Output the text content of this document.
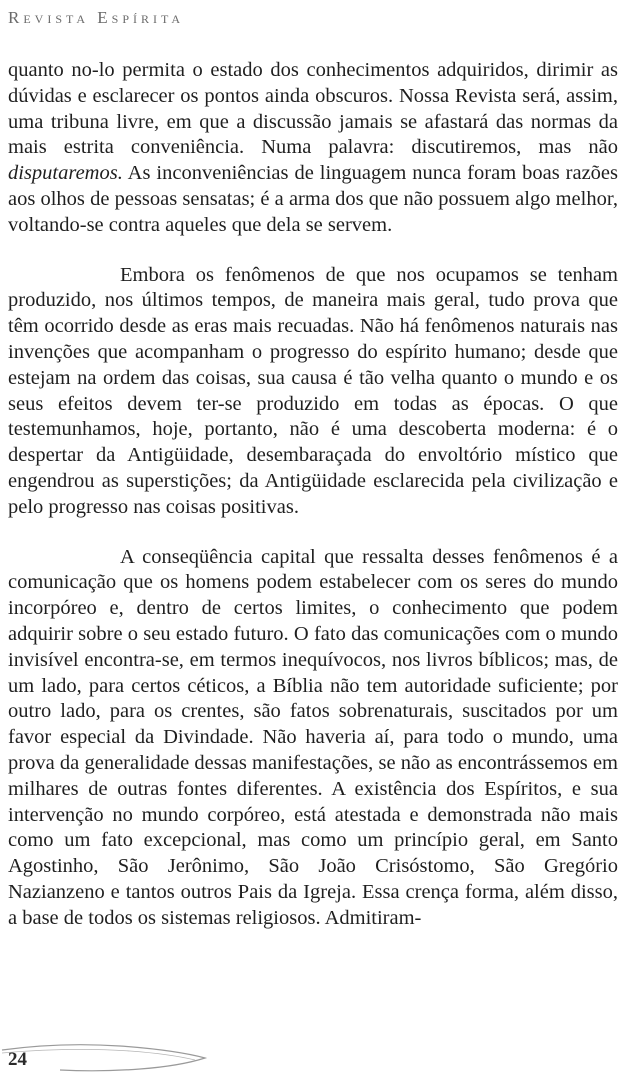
Revista Espírita

quanto no-lo permita o estado dos conhecimentos adquiridos, dirimir as dúvidas e esclarecer os pontos ainda obscuros. Nossa Revista será, assim, uma tribuna livre, em que a discussão jamais se afastará das normas da mais estrita conveniência. Numa palavra: discutiremos, mas não disputaremos. As inconveniências de linguagem nunca foram boas razões aos olhos de pessoas sensatas; é a arma dos que não possuem algo melhor, voltando-se contra aqueles que dela se servem.

Embora os fenômenos de que nos ocupamos se tenham produzido, nos últimos tempos, de maneira mais geral, tudo prova que têm ocorrido desde as eras mais recuadas. Não há fenômenos naturais nas invenções que acompanham o progresso do espírito humano; desde que estejam na ordem das coisas, sua causa é tão velha quanto o mundo e os seus efeitos devem ter-se produzido em todas as épocas. O que testemunhamos, hoje, portanto, não é uma descoberta moderna: é o despertar da Antigüidade, desembaraçada do envoltório místico que engendrou as superstições; da Antigüidade esclarecida pela civilização e pelo progresso nas coisas positivas.

A conseqüência capital que ressalta desses fenômenos é a comunicação que os homens podem estabelecer com os seres do mundo incorpóreo e, dentro de certos limites, o conhecimento que podem adquirir sobre o seu estado futuro. O fato das comunicações com o mundo invisível encontra-se, em termos inequívocos, nos livros bíblicos; mas, de um lado, para certos céticos, a Bíblia não tem autoridade suficiente; por outro lado, para os crentes, são fatos sobrenaturais, suscitados por um favor especial da Divindade. Não haveria aí, para todo o mundo, uma prova da generalidade dessas manifestações, se não as encontrássemos em milhares de outras fontes diferentes. A existência dos Espíritos, e sua intervenção no mundo corpóreo, está atestada e demonstrada não mais como um fato excepcional, mas como um princípio geral, em Santo Agostinho, São Jerônimo, São João Crisóstomo, São Gregório Nazianzeno e tantos outros Pais da Igreja. Essa crença forma, além disso, a base de todos os sistemas religiosos. Admitiram-

24
